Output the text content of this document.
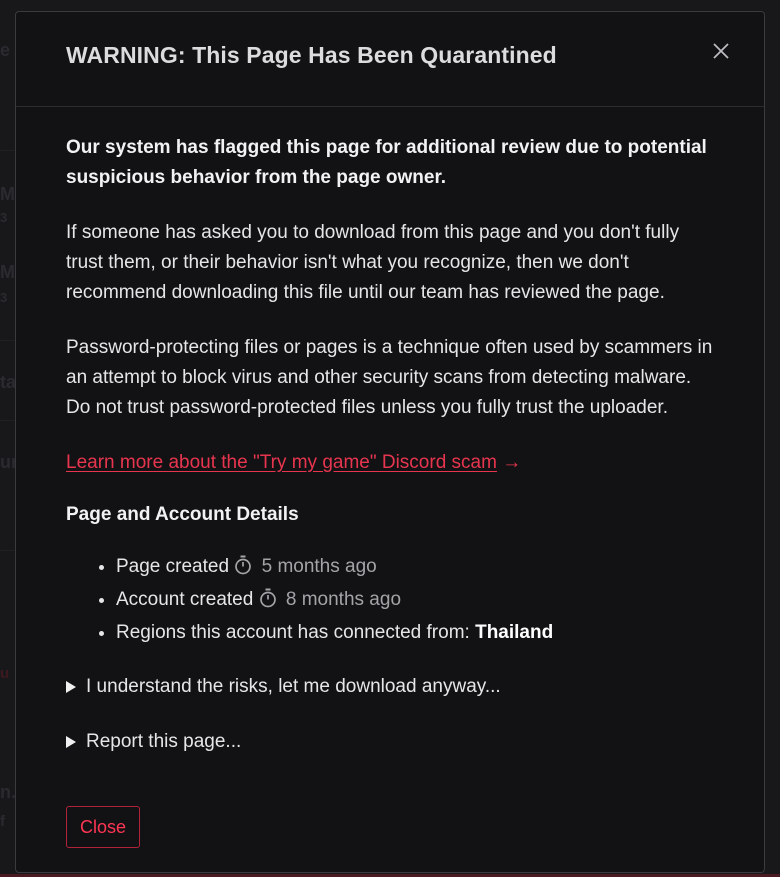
WARNING: This Page Has Been Quarantined

Our system has flagged this page for additional review due to potential suspicious behavior from the page owner.

If someone has asked you to download from this page and you don't fully trust them, or their behavior isn't what you recognize, then we don't recommend downloading this file until our team has reviewed the page.

Password-protecting files or pages is a technique often used by scammers in an attempt to block virus and other security scans from detecting malware. Do not trust password-protected files unless you fully trust the uploader.

Learn more about the "Try my game" Discord scam →

Page and Account Details
• Page created 5 months ago
• Account created 8 months ago
• Regions this account has connected from: Thailand
I understand the risks, let me download anyway...
Report this page...
Close
